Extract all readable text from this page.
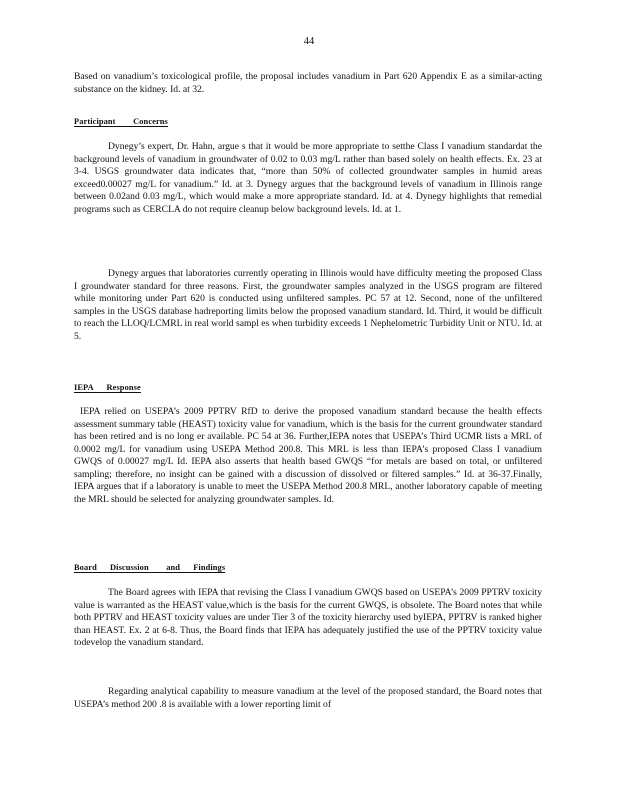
44

Based on vanadium’s toxicological profile, the proposal includes vanadium in Part 620 Appendix E as a similar-acting substance on the kidney. Id. at 32.

Participant        Concerns

Dynegy’s expert, Dr. Hahn, argue s that it would be more appropriate to setthe Class I vanadium standardat the background levels of vanadium in groundwater of 0.02 to 0.03 mg/L rather than based solely on health effects. Ex. 23 at 3-4. USGS groundwater data indicates that, “more than 50% of collected groundwater samples in humid areas exceed0.00027 mg/L for vanadium.” Id. at 3. Dynegy argues that the background levels of vanadium in Illinois range between 0.02and 0.03 mg/L, which would make a more appropriate standard. Id. at 4. Dynegy highlights that remedial programs such as CERCLA do not require cleanup below background levels. Id. at 1.

Dynegy argues that laboratories currently operating in Illinois would have difficulty meeting the proposed Class I groundwater standard for three reasons. First, the groundwater samples analyzed in the USGS program are filtered while monitoring under Part 620 is conducted using unfiltered samples. PC 57 at 12. Second, none of the unfiltered samples in the USGS database hadreporting limits below the proposed vanadium standard. Id. Third, it would be difficult to reach the LLOQ/LCMRL in real world sampl es when turbidity exceeds 1 Nephelometric Turbidity Unit or NTU. Id. at 5.

IEPA      Response

IEPA relied on USEPA’s 2009 PPTRV RfD to derive the proposed vanadium standard because the health effects assessment summary table (HEAST) toxicity value for vanadium, which is the basis for the current groundwater standard has been retired and is no long er available. PC 54 at 36. Further,IEPA notes that USEPA’s Third UCMR lists a MRL of 0.0002 mg/L for vanadium using USEPA Method 200.8. This MRL is less than IEPA’s proposed Class I vanadium GWQS of 0.00027 mg/L Id. IEPA also asserts that health based GWQS “for metals are based on total, or unfiltered sampling; therefore, no insight can be gained with a discussion of dissolved or filtered samples.” Id. at 36-37.Finally, IEPA argues that if a laboratory is unable to meet the USEPA Method 200.8 MRL, another laboratory capable of meeting the MRL should be selected for analyzing groundwater samples. Id.

Board      Discussion        and      Findings

The Board agrees with IEPA that revising the Class I vanadium GWQS based on USEPA’s 2009 PPTRV toxicity value is warranted as the HEAST value,which is the basis for the current GWQS, is obsolete. The Board notes that while both PPTRV and HEAST toxicity values are under Tier 3 of the toxicity hierarchy used byIEPA, PPTRV is ranked higher than HEAST. Ex. 2 at 6-8. Thus, the Board finds that IEPA has adequately justified the use of the PPTRV toxicity value todevelop the vanadium standard.

Regarding analytical capability to measure vanadium at the level of the proposed standard, the Board notes that USEPA’s method 200 .8 is available with a lower reporting limit of
